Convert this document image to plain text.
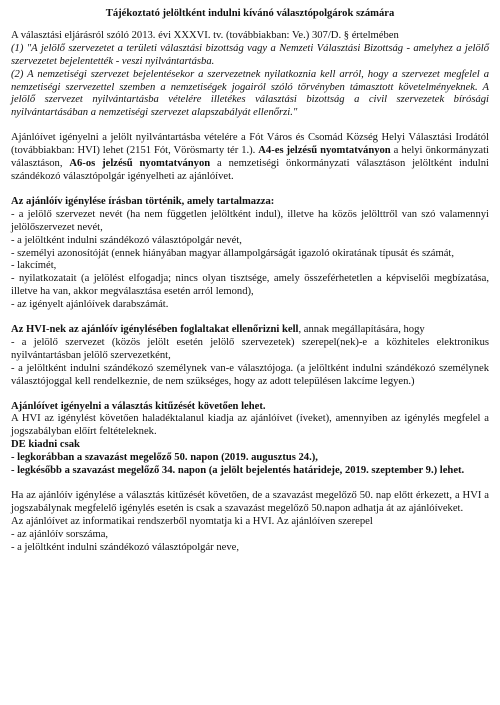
Tájékoztató jelöltként indulni kívánó választópolgárok számára

A választási eljárásról szóló 2013. évi XXXVI. tv. (továbbiakban: Ve.) 307/D. § értelmében

(1) "A jelölő szervezetet a területi választási bizottság vagy a Nemzeti Választási Bizottság - amelyhez a jelölő szervezetet bejelentették - veszi nyilvántartásba.

(2) A nemzetiségi szervezet bejelentésekor a szervezetnek nyilatkoznia kell arról, hogy a szervezet megfelel a nemzetiségi szervezettel szemben a nemzetiségek jogairól szóló törvényben támasztott követelményeknek. A jelölő szervezet nyilvántartásba vételére illetékes választási bizottság a civil szervezetek bírósági nyilvántartásában a nemzetiségi szervezet alapszabályát ellenőrzi."

Ajánlóívet igényelni a jelölt nyilvántartásba vételére a Fót Város és Csomád Község Helyi Választási Irodától (továbbiakban: HVI) lehet (2151 Fót, Vörösmarty tér 1.). A4-es jelzésű nyomtatványon a helyi önkormányzati választáson, A6-os jelzésű nyomtatványon a nemzetiségi önkormányzati választáson jelöltként indulni szándékozó választópolgár igényelheti az ajánlóívet.

Az ajánlóív igénylése írásban történik, amely tartalmazza:

- a jelölő szervezet nevét (ha nem független jelöltként indul), illetve ha közös jelölttről van szó valamennyi jelölőszervezet nevét,

- a jelöltként indulni szándékozó választópolgár nevét,

- személyi azonosítóját (ennek hiányában magyar állampolgárságát igazoló okiratának típusát és számát,

- lakcímét,

- nyilatkozatait (a jelölést elfogadja; nincs olyan tisztsége, amely összeférhetetlen a képviselői megbízatása, illetve ha van, akkor megválasztása esetén arról lemond),

- az igényelt ajánlóívek darabszámát.

Az HVI-nek az ajánlóív igénylésében foglaltakat ellenőrizni kell, annak megállapítására, hogy

- a jelölő szervezet (közös jelölt esetén jelölő szervezetek) szerepel(nek)-e a közhiteles elektronikus nyilvántartásban jelölő szervezetként,

- a jelöltként indulni szándékozó személynek van-e választójoga. (a jelöltként indulni szándékozó személynek választójoggal kell rendelkeznie, de nem szükséges, hogy az adott településen lakcíme legyen.)

Ajánlóívet igényelni a választás kitűzését követően lehet.

A HVI az igénylést követően haladéktalanul kiadja az ajánlóívet (íveket), amennyiben az igénylés megfelel a jogszabályban előírt feltételeknek.

DE kiadni csak

- legkorábban a szavazást megelőző 50. napon (2019. augusztus 24.),

- legkésőbb a szavazást megelőző 34. napon (a jelölt bejelentés határideje, 2019. szeptember 9.) lehet.

Ha az ajánlóív igénylése a választás kitűzését követően, de a szavazást megelőző 50. nap előtt érkezett, a HVI a jogszabálynak megfelelő igénylés esetén is csak a szavazást megelőző 50.napon adhatja át az ajánlóíveket.

Az ajánlóívet az informatikai rendszerből nyomtatja ki a HVI. Az ajánlóíven szerepel

- az ajánlóív sorszáma,

- a jelöltként indulni szándékozó választópolgár neve,
